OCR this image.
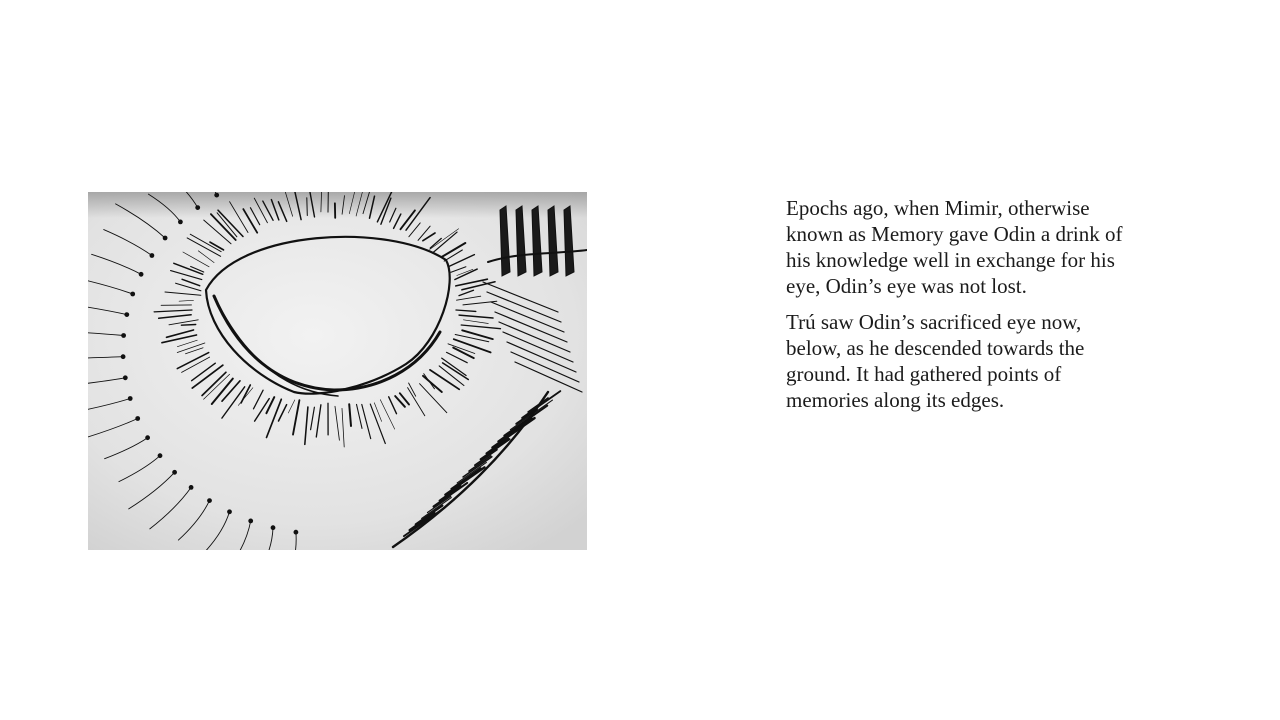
Epochs ago, when Mimir, otherwise
known as Memory gave Odin a drink of
his knowledge well in exchange for his
eye, Odin’s eye was not lost.

Trú saw Odin’s sacrificed eye now,
below, as he descended towards the
ground. It had gathered points of
memories along its edges.
